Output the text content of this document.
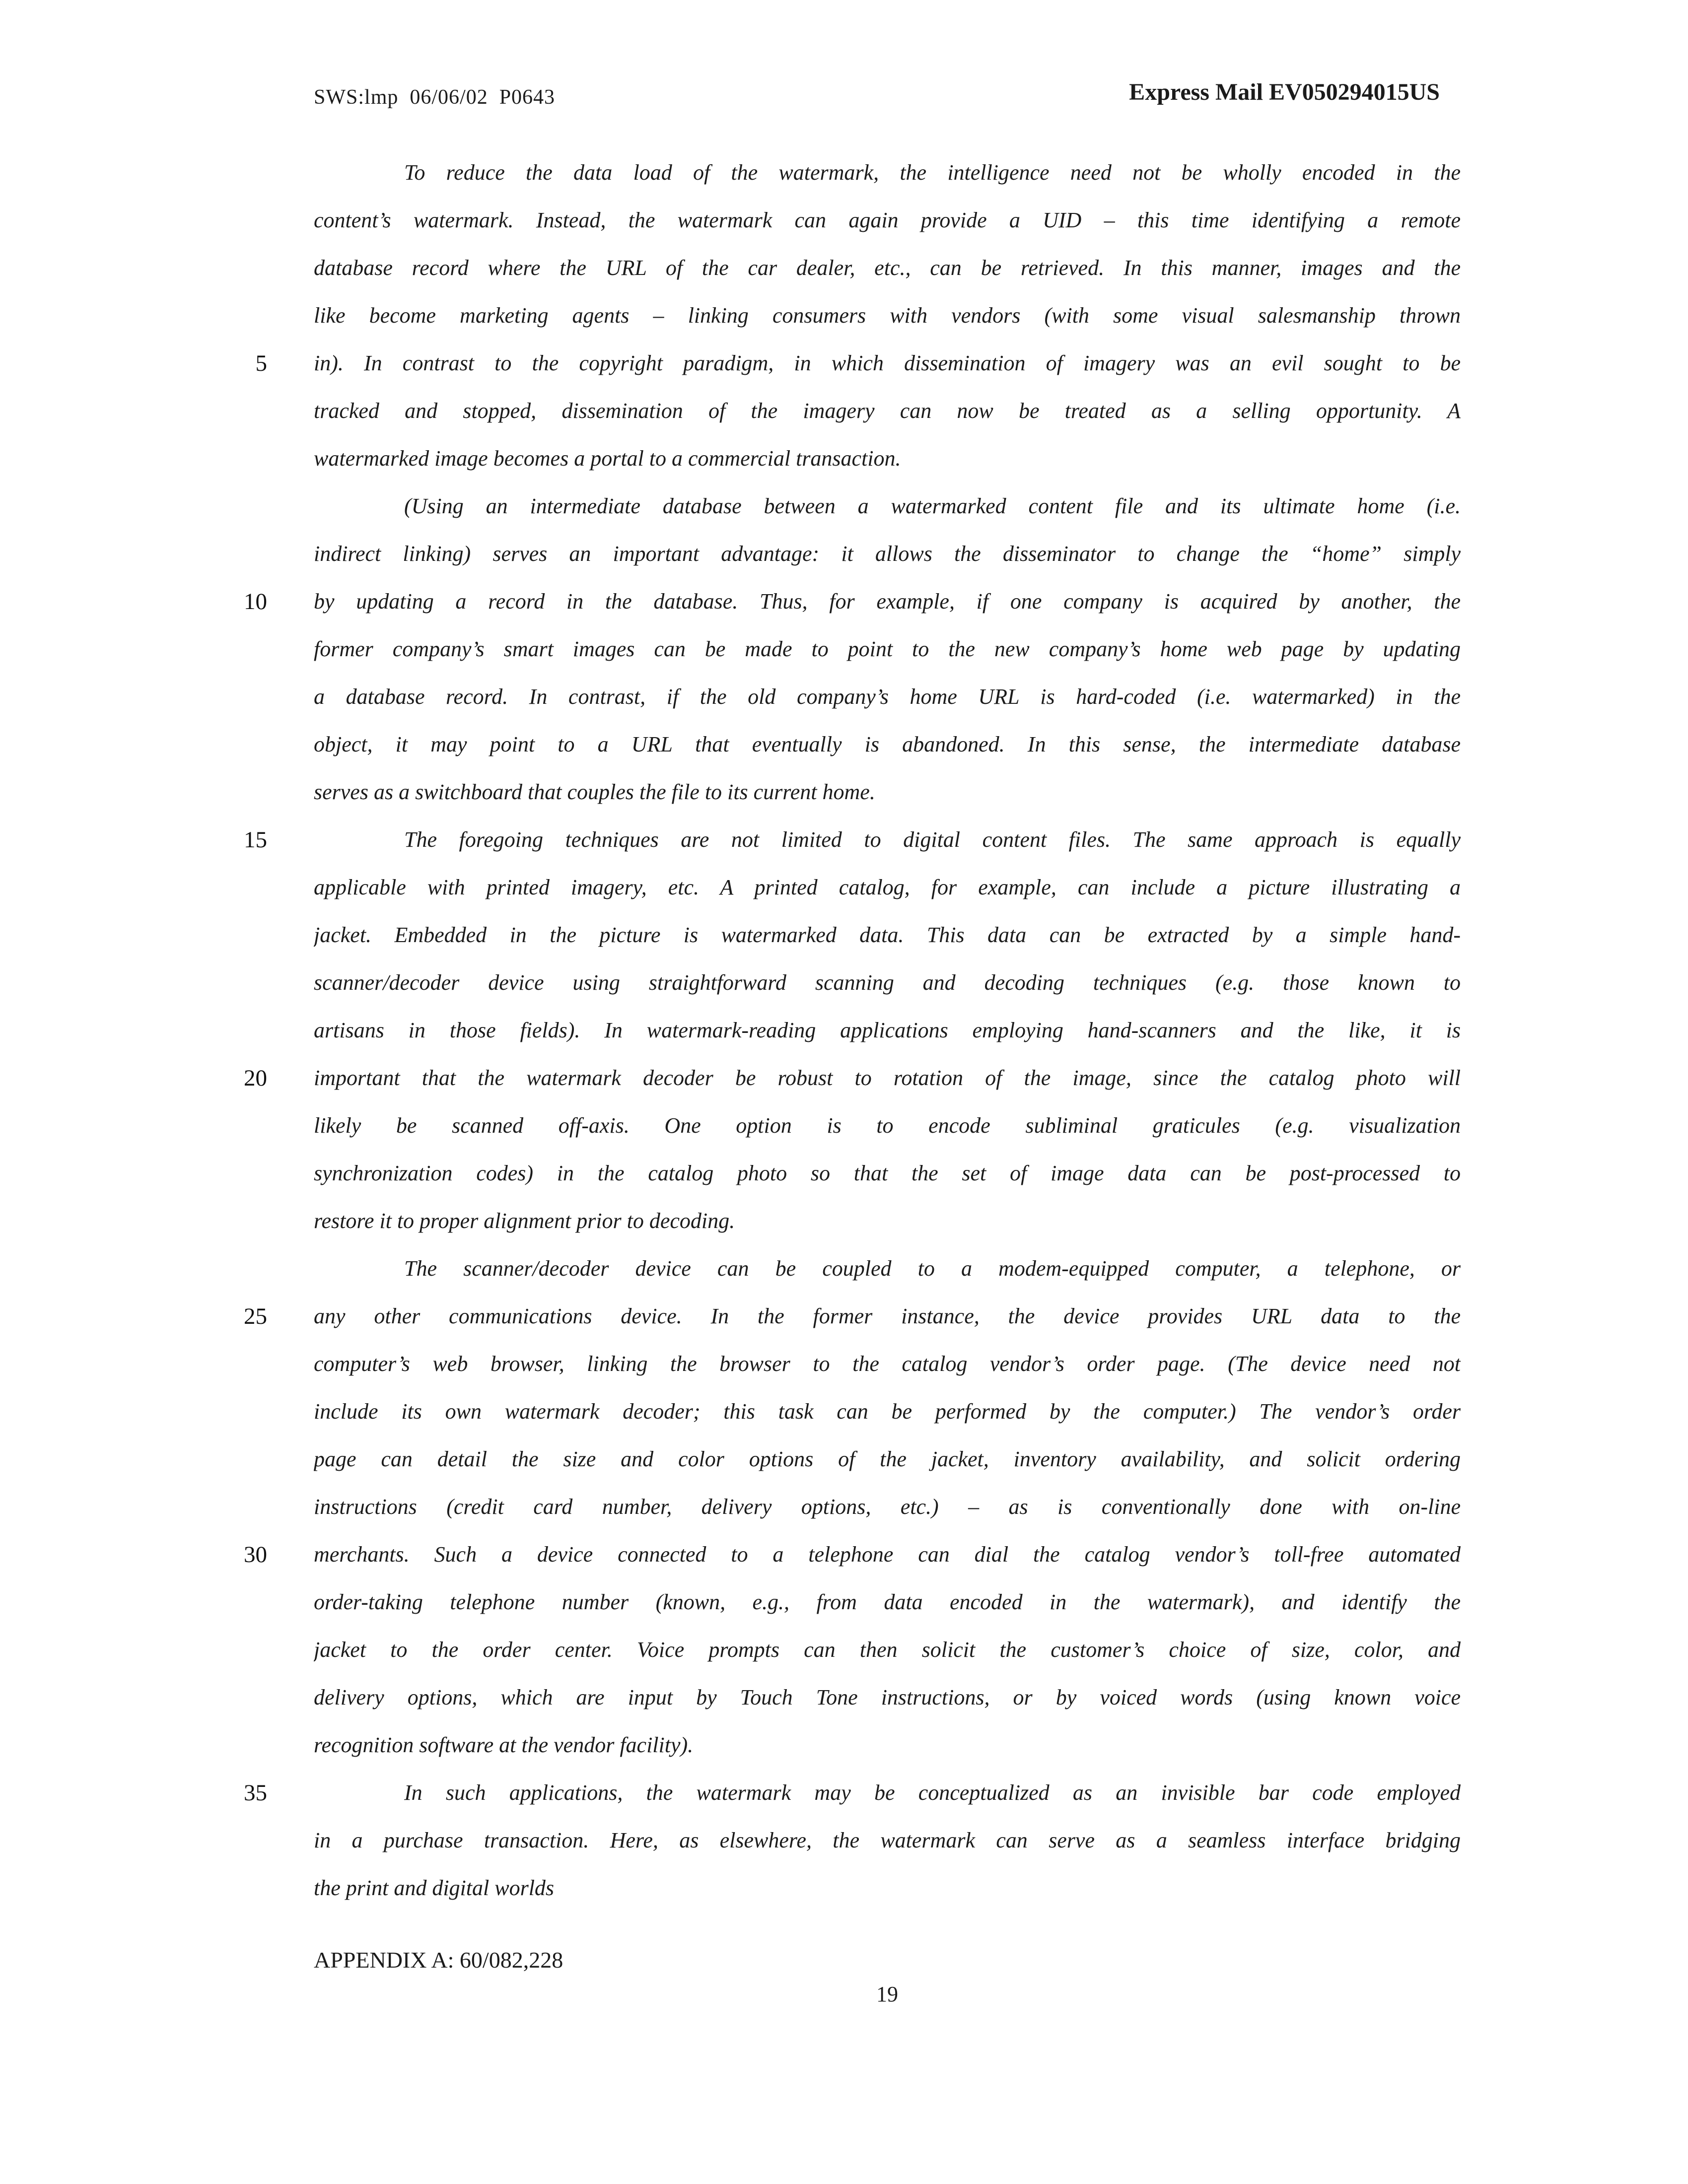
SWS:lmp  06/06/02  P0643	Express Mail EV050294015US
To reduce the data load of the watermark, the intelligence need not be wholly encoded in the
content’s watermark. Instead, the watermark can again provide a UID – this time identifying a remote
database record where the URL of the car dealer, etc., can be retrieved. In this manner, images and the
like become marketing agents – linking consumers with vendors (with some visual salesmanship thrown
5 in). In contrast to the copyright paradigm, in which dissemination of imagery was an evil sought to be
tracked and stopped, dissemination of the imagery can now be treated as a selling opportunity. A
watermarked image becomes a portal to a commercial transaction.
(Using an intermediate database between a watermarked content file and its ultimate home (i.e.
indirect linking) serves an important advantage: it allows the disseminator to change the “home” simply
10 by updating a record in the database. Thus, for example, if one company is acquired by another, the
former company’s smart images can be made to point to the new company’s home web page by updating
a database record. In contrast, if the old company’s home URL is hard-coded (i.e. watermarked) in the
object, it may point to a URL that eventually is abandoned. In this sense, the intermediate database
serves as a switchboard that couples the file to its current home.
15	The foregoing techniques are not limited to digital content files. The same approach is equally
applicable with printed imagery, etc. A printed catalog, for example, can include a picture illustrating a
jacket. Embedded in the picture is watermarked data. This data can be extracted by a simple hand-
scanner/decoder device using straightforward scanning and decoding techniques (e.g. those known to
artisans in those fields). In watermark-reading applications employing hand-scanners and the like, it is
20 important that the watermark decoder be robust to rotation of the image, since the catalog photo will
likely be scanned off-axis. One option is to encode subliminal graticules (e.g. visualization
synchronization codes) in the catalog photo so that the set of image data can be post-processed to
restore it to proper alignment prior to decoding.
The scanner/decoder device can be coupled to a modem-equipped computer, a telephone, or
25 any other communications device. In the former instance, the device provides URL data to the
computer’s web browser, linking the browser to the catalog vendor’s order page. (The device need not
include its own watermark decoder; this task can be performed by the computer.) The vendor’s order
page can detail the size and color options of the jacket, inventory availability, and solicit ordering
instructions (credit card number, delivery options, etc.) – as is conventionally done with on-line
30 merchants. Such a device connected to a telephone can dial the catalog vendor’s toll-free automated
order-taking telephone number (known, e.g., from data encoded in the watermark), and identify the
jacket to the order center. Voice prompts can then solicit the customer’s choice of size, color, and
delivery options, which are input by Touch Tone instructions, or by voiced words (using known voice
recognition software at the vendor facility).
35	In such applications, the watermark may be conceptualized as an invisible bar code employed
in a purchase transaction. Here, as elsewhere, the watermark can serve as a seamless interface bridging
the print and digital worlds
APPENDIX A: 60/082,228
19
